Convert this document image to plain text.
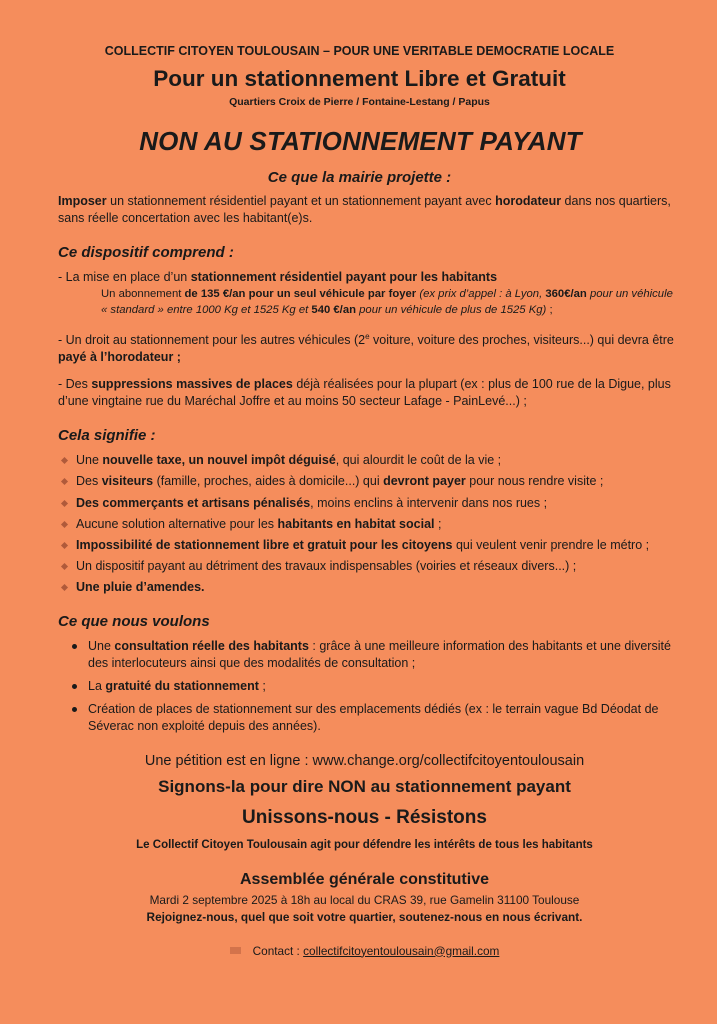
COLLECTIF CITOYEN TOULOUSAIN – POUR UNE VERITABLE DEMOCRATIE LOCALE
Pour un stationnement Libre et Gratuit
Quartiers Croix de Pierre / Fontaine-Lestang / Papus
NON AU STATIONNEMENT PAYANT
Ce que la mairie projette :

Imposer un stationnement résidentiel payant et un stationnement payant avec horodateur dans nos quartiers, sans réelle concertation avec les habitant(e)s.

Ce dispositif comprend :

- La mise en place d’un stationnement résidentiel payant pour les habitants

Un abonnement de 135 €/an pour un seul véhicule par foyer (ex prix d’appel : à Lyon, 360€/an pour un véhicule « standard » entre 1000 Kg et 1525 Kg et 540 €/an pour un véhicule de plus de 1525 Kg) ;

- Un droit au stationnement pour les autres véhicules (2e voiture, voiture des proches, visiteurs...) qui devra être payé à l’horodateur ;

- Des suppressions massives de places déjà réalisées pour la plupart (ex : plus de 100 rue de la Digue, plus d’une vingtaine rue du Maréchal Joffre et au moins 50 secteur Lafage - PainLevé...) ;

Cela signifie :
Une nouvelle taxe, un nouvel impôt déguisé, qui alourdit le coût de la vie ;
Des visiteurs (famille, proches, aides à domicile...) qui devront payer pour nous rendre visite ;
Des commerçants et artisans pénalisés, moins enclins à intervenir dans nos rues ;
Aucune solution alternative pour les habitants en habitat social ;
Impossibilité de stationnement libre et gratuit pour les citoyens qui veulent venir prendre le métro ;
Un dispositif payant au détriment des travaux indispensables (voiries et réseaux divers...) ;
Une pluie d’amendes.
Ce que nous voulons
Une consultation réelle des habitants : grâce à une meilleure information des habitants et une diversité des interlocuteurs ainsi que des modalités de consultation ;
La gratuité du stationnement ;
Création de places de stationnement sur des emplacements dédiés (ex : le terrain vague Bd Déodat de Séverac non exploité depuis des années).
Une pétition est en ligne : www.change.org/collectifcitoyentoulousain
Signons-la pour dire NON au stationnement payant
Unissons-nous - Résistons
Le Collectif Citoyen Toulousain agit pour défendre les intérêts de tous les habitants
Assemblée générale constitutive
Mardi 2 septembre 2025 à 18h au local du CRAS 39, rue Gamelin 31100 Toulouse
Rejoignez-nous, quel que soit votre quartier, soutenez-nous en nous écrivant.
Contact : collectifcitoyentoulousain@gmail.com
